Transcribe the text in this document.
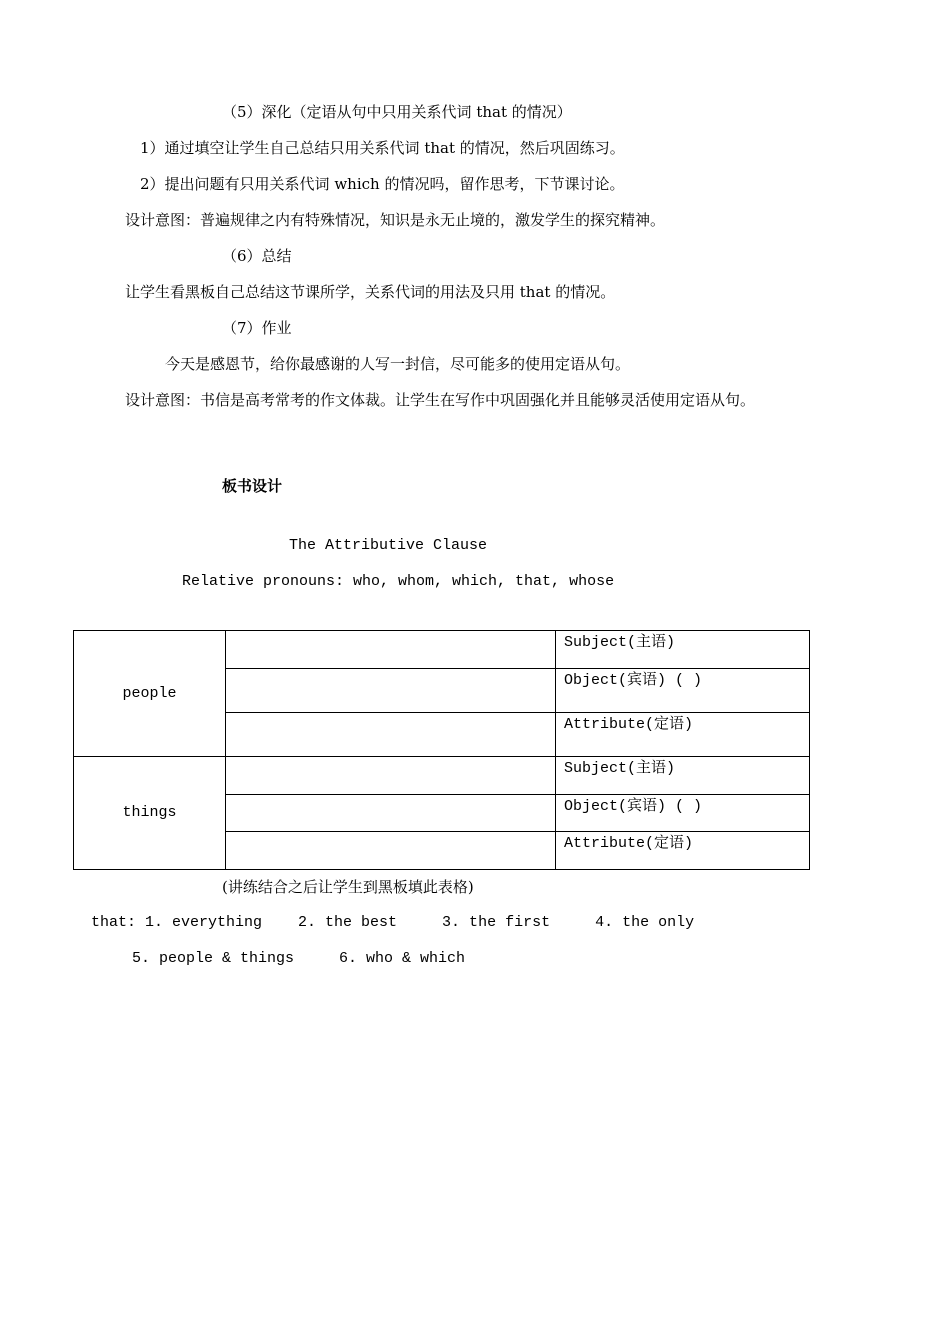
（5）深化（定语从句中只用关系代词 that 的情况）
1）通过填空让学生自己总结只用关系代词 that 的情况，然后巩固练习。
2）提出问题有只用关系代词 which 的情况吗，留作思考，下节课讨论。
设计意图：普遍规律之内有特殊情况，知识是永无止境的，激发学生的探究精神。
（6）总结
让学生看黑板自己总结这节课所学，关系代词的用法及只用 that 的情况。
（7）作业
今天是感恩节，给你最感谢的人写一封信，尽可能多的使用定语从句。
设计意图：书信是高考常考的作文体裁。让学生在写作中巩固强化并且能够灵活使用定语从句。
板书设计
The Attributive Clause
Relative pronouns: who, whom, which, that, whose
people		Subject(主语)
		Object(宾语) ( )
		Attribute(定语)
things		Subject(主语)
		Object(宾语) ( )
		Attribute(定语)
(讲练结合之后让学生到黑板填此表格)
that: 1. everything    2. the best     3. the first     4. the only
5. people & things     6. who & which
